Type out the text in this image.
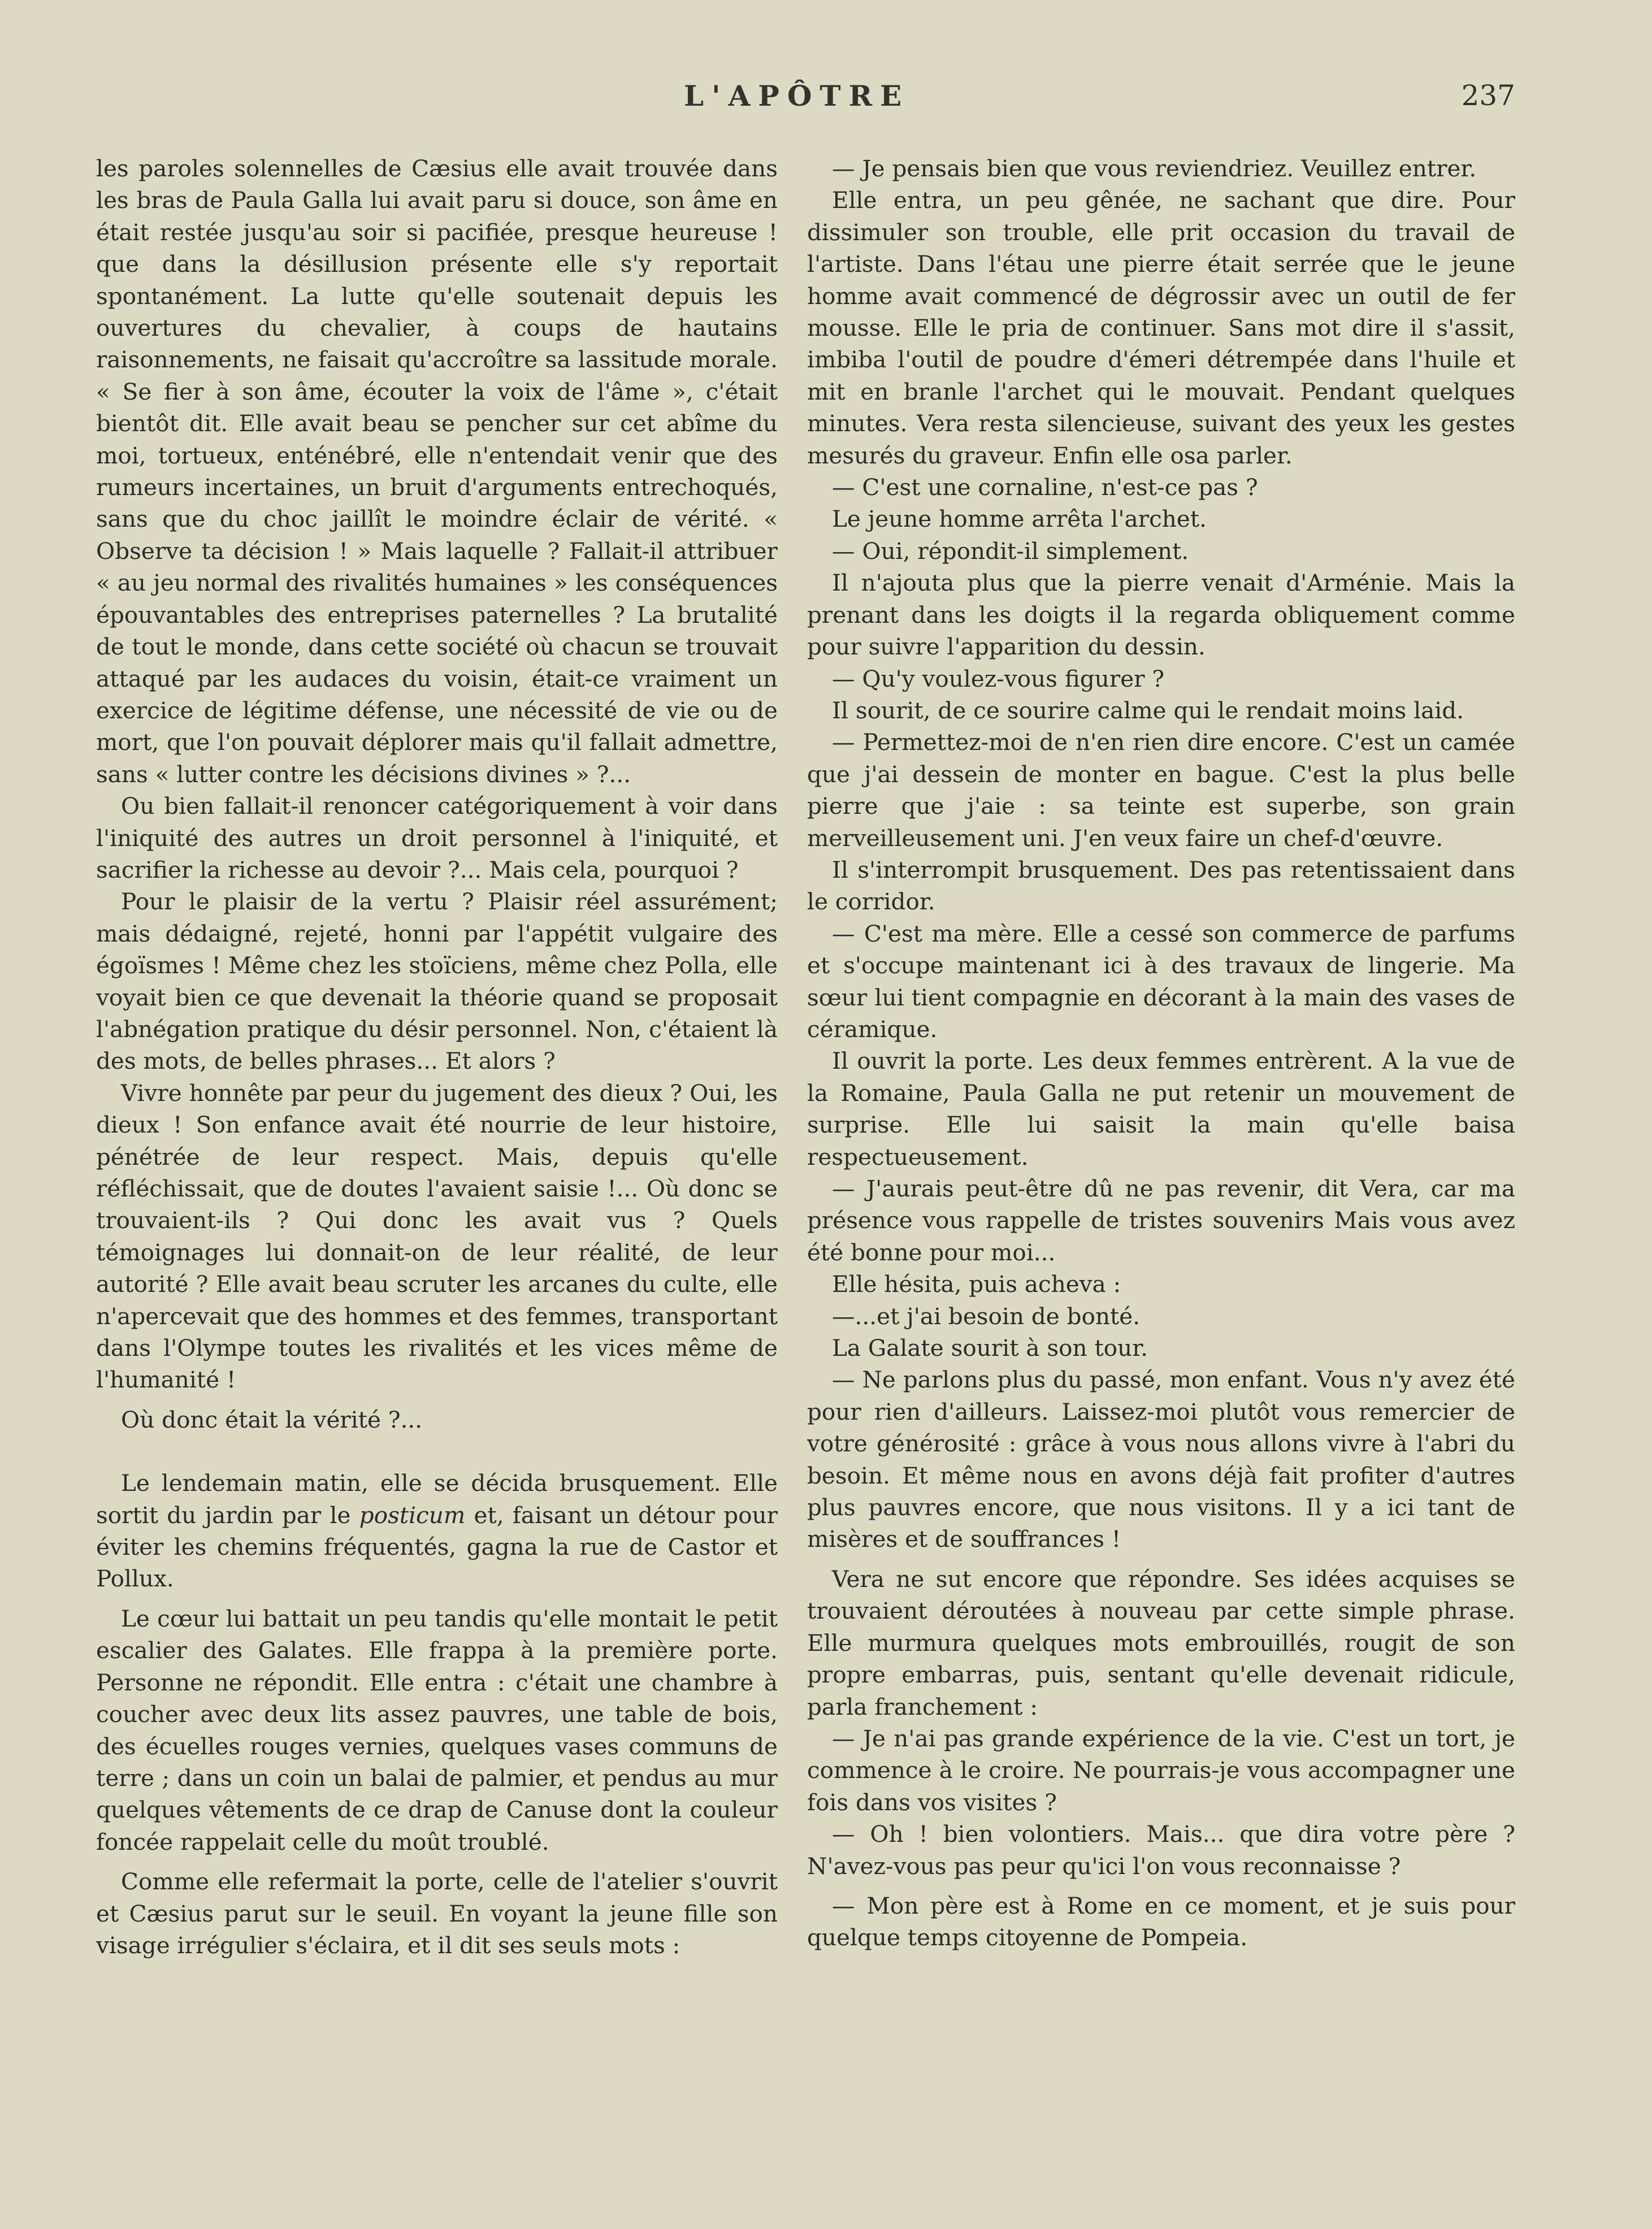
L'APÔTRE	237

les paroles solennelles de Cæsius elle avait trouvée dans les bras de Paula Galla lui avait paru si douce, son âme en était restée jusqu'au soir si pacifiée, presque heureuse ! que dans la désillusion présente elle s'y reportait spontanément. La lutte qu'elle soutenait depuis les ouvertures du chevalier, à coups de hautains raisonnements, ne faisait qu'accroître sa lassitude morale. « Se fier à son âme, écouter la voix de l'âme », c'était bientôt dit. Elle avait beau se pencher sur cet abîme du moi, tortueux, enténébré, elle n'entendait venir que des rumeurs incertaines, un bruit d'arguments entrechoqués, sans que du choc jaillît le moindre éclair de vérité. « Observe ta décision ! » Mais laquelle ? Fallait-il attribuer « au jeu normal des rivalités humaines » les conséquences épouvantables des entreprises paternelles ? La brutalité de tout le monde, dans cette société où chacun se trouvait attaqué par les audaces du voisin, était-ce vraiment un exercice de légitime défense, une nécessité de vie ou de mort, que l'on pouvait déplorer mais qu'il fallait admettre, sans « lutter contre les décisions divines » ?...

Ou bien fallait-il renoncer catégoriquement à voir dans l'iniquité des autres un droit personnel à l'iniquité, et sacrifier la richesse au devoir ?... Mais cela, pourquoi ?

Pour le plaisir de la vertu ? Plaisir réel assurément; mais dédaigné, rejeté, honni par l'appétit vulgaire des égoïsmes ! Même chez les stoïciens, même chez Polla, elle voyait bien ce que devenait la théorie quand se proposait l'abnégation pratique du désir personnel. Non, c'étaient là des mots, de belles phrases... Et alors ?

Vivre honnête par peur du jugement des dieux ? Oui, les dieux ! Son enfance avait été nourrie de leur histoire, pénétrée de leur respect. Mais, depuis qu'elle réfléchissait, que de doutes l'avaient saisie !... Où donc se trouvaient-ils ? Qui donc les avait vus ? Quels témoignages lui donnait-on de leur réalité, de leur autorité ? Elle avait beau scruter les arcanes du culte, elle n'apercevait que des hommes et des femmes, transportant dans l'Olympe toutes les rivalités et les vices même de l'humanité !

Où donc était la vérité ?...

Le lendemain matin, elle se décida brusquement. Elle sortit du jardin par le posticum et, faisant un détour pour éviter les chemins fréquentés, gagna la rue de Castor et Pollux.

Le cœur lui battait un peu tandis qu'elle montait le petit escalier des Galates. Elle frappa à la première porte. Personne ne répondit. Elle entra : c'était une chambre à coucher avec deux lits assez pauvres, une table de bois, des écuelles rouges vernies, quelques vases communs de terre ; dans un coin un balai de palmier, et pendus au mur quelques vêtements de ce drap de Canuse dont la couleur foncée rappelait celle du moût troublé.

Comme elle refermait la porte, celle de l'atelier s'ouvrit et Cæsius parut sur le seuil. En voyant la jeune fille son visage irrégulier s'éclaira, et il dit ses seuls mots :

— Je pensais bien que vous reviendriez. Veuillez entrer.

Elle entra, un peu gênée, ne sachant que dire. Pour dissimuler son trouble, elle prit occasion du travail de l'artiste. Dans l'étau une pierre était serrée que le jeune homme avait commencé de dégrossir avec un outil de fer mousse. Elle le pria de continuer. Sans mot dire il s'assit, imbiba l'outil de poudre d'émeri détrempée dans l'huile et mit en branle l'archet qui le mouvait. Pendant quelques minutes. Vera resta silencieuse, suivant des yeux les gestes mesurés du graveur. Enfin elle osa parler.

— C'est une cornaline, n'est-ce pas ?

Le jeune homme arrêta l'archet.

— Oui, répondit-il simplement.

Il n'ajouta plus que la pierre venait d'Arménie. Mais la prenant dans les doigts il la regarda obliquement comme pour suivre l'apparition du dessin.

— Qu'y voulez-vous figurer ?

Il sourit, de ce sourire calme qui le rendait moins laid.

— Permettez-moi de n'en rien dire encore. C'est un camée que j'ai dessein de monter en bague. C'est la plus belle pierre que j'aie : sa teinte est superbe, son grain merveilleusement uni. J'en veux faire un chef-d'œuvre.

Il s'interrompit brusquement. Des pas retentissaient dans le corridor.

— C'est ma mère. Elle a cessé son commerce de parfums et s'occupe maintenant ici à des travaux de lingerie. Ma sœur lui tient compagnie en décorant à la main des vases de céramique.

Il ouvrit la porte. Les deux femmes entrèrent. A la vue de la Romaine, Paula Galla ne put retenir un mouvement de surprise. Elle lui saisit la main qu'elle baisa respectueusement.

— J'aurais peut-être dû ne pas revenir, dit Vera, car ma présence vous rappelle de tristes souvenirs Mais vous avez été bonne pour moi...

Elle hésita, puis acheva :

—...et j'ai besoin de bonté.

La Galate sourit à son tour.

— Ne parlons plus du passé, mon enfant. Vous n'y avez été pour rien d'ailleurs. Laissez-moi plutôt vous remercier de votre générosité : grâce à vous nous allons vivre à l'abri du besoin. Et même nous en avons déjà fait profiter d'autres plus pauvres encore, que nous visitons. Il y a ici tant de misères et de souffrances !

Vera ne sut encore que répondre. Ses idées acquises se trouvaient déroutées à nouveau par cette simple phrase. Elle murmura quelques mots embrouillés, rougit de son propre embarras, puis, sentant qu'elle devenait ridicule, parla franchement :

— Je n'ai pas grande expérience de la vie. C'est un tort, je commence à le croire. Ne pourrais-je vous accompagner une fois dans vos visites ?

— Oh ! bien volontiers. Mais... que dira votre père ? N'avez-vous pas peur qu'ici l'on vous reconnaisse ?

— Mon père est à Rome en ce moment, et je suis pour quelque temps citoyenne de Pompeia.
